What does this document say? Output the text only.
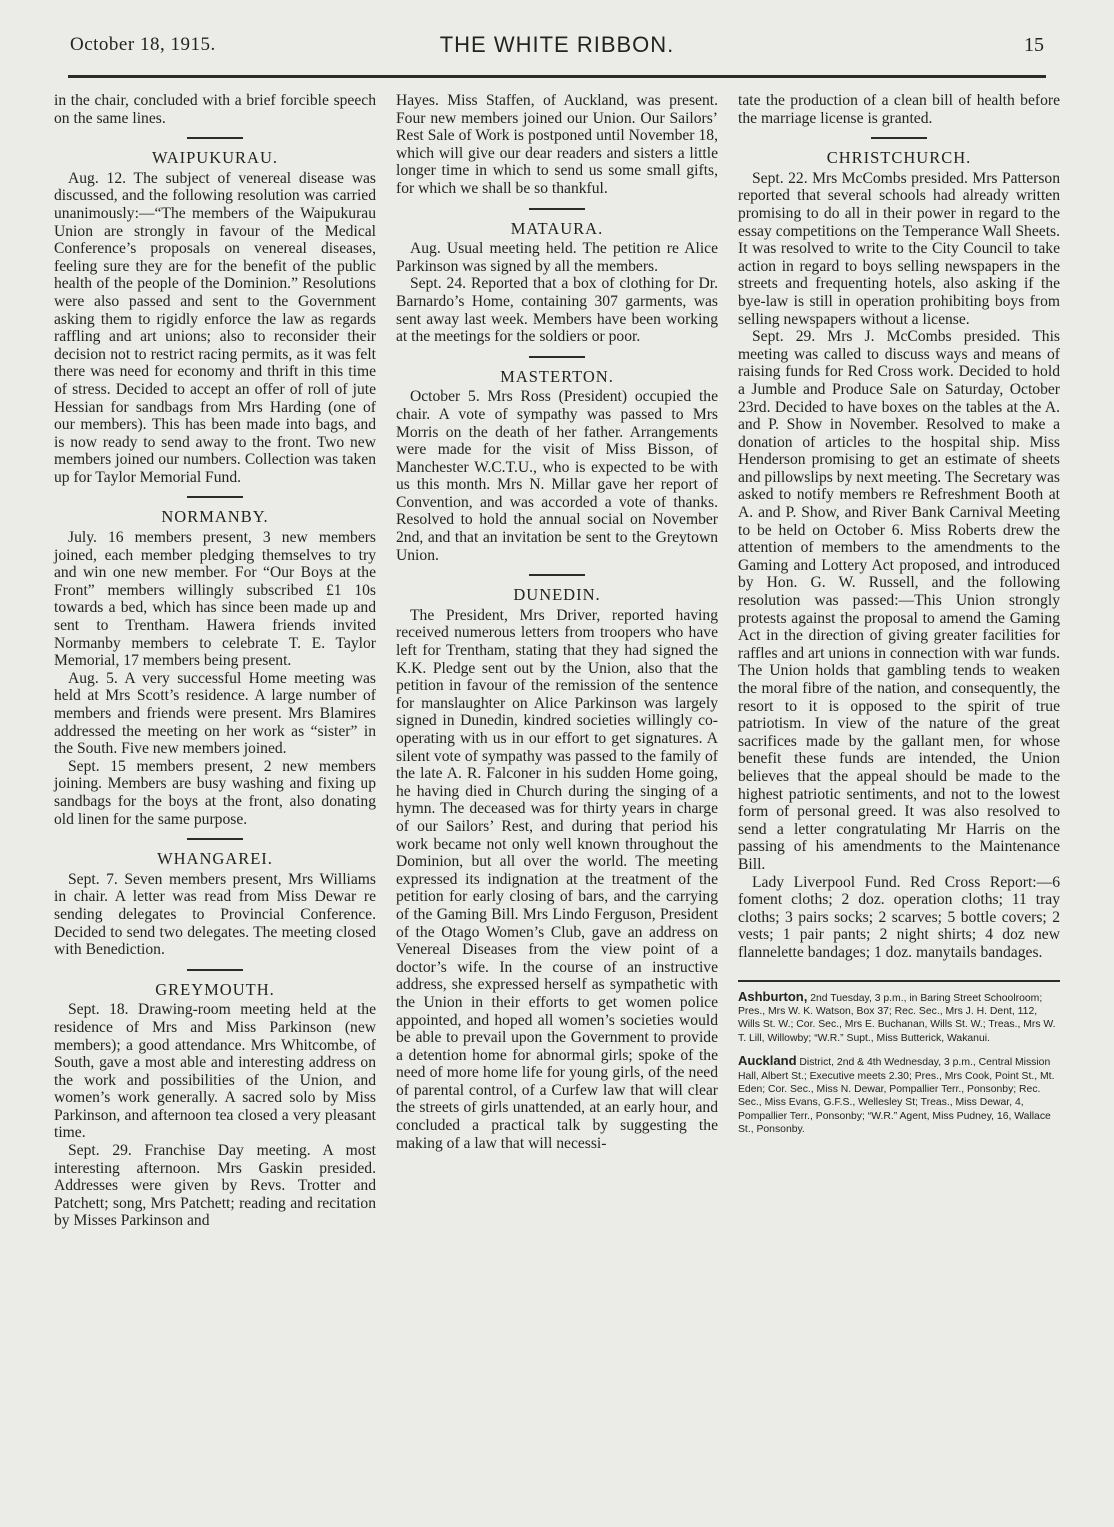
October 18, 1915.	THE WHITE RIBBON.	15

in the chair, concluded with a brief forcible speech on the same lines.

WAIPUKURAU.

Aug. 12. The subject of venereal disease was discussed, and the following resolution was carried unanimously:—“The members of the Waipukurau Union are strongly in favour of the Medical Conference’s proposals on venereal diseases, feeling sure they are for the benefit of the public health of the people of the Dominion.” Resolutions were also passed and sent to the Government asking them to rigidly enforce the law as regards raffling and art unions; also to reconsider their decision not to restrict racing permits, as it was felt there was need for economy and thrift in this time of stress. Decided to accept an offer of roll of jute Hessian for sandbags from Mrs Harding (one of our members). This has been made into bags, and is now ready to send away to the front. Two new members joined our numbers. Collection was taken up for Taylor Memorial Fund.

NORMANBY.

July. 16 members present, 3 new members joined, each member pledging themselves to try and win one new member. For “Our Boys at the Front” members willingly subscribed £1 10s towards a bed, which has since been made up and sent to Trentham. Hawera friends invited Normanby members to celebrate T. E. Taylor Memorial, 17 members being present.

Aug. 5. A very successful Home meeting was held at Mrs Scott’s residence. A large number of members and friends were present. Mrs Blamires addressed the meeting on her work as “sister” in the South. Five new members joined.

Sept. 15 members present, 2 new members joining. Members are busy washing and fixing up sandbags for the boys at the front, also donating old linen for the same purpose.

WHANGAREI.

Sept. 7. Seven members present, Mrs Williams in chair. A letter was read from Miss Dewar re sending delegates to Provincial Conference. Decided to send two delegates. The meeting closed with Benediction.

GREYMOUTH.

Sept. 18. Drawing-room meeting held at the residence of Mrs and Miss Parkinson (new members); a good attendance. Mrs Whitcombe, of South, gave a most able and interesting address on the work and possibilities of the Union, and women’s work generally. A sacred solo by Miss Parkinson, and afternoon tea closed a very pleasant time.

Sept. 29. Franchise Day meeting. A most interesting afternoon. Mrs Gaskin presided. Addresses were given by Revs. Trotter and Patchett; song, Mrs Patchett; reading and recitation by Misses Parkinson and

Hayes. Miss Staffen, of Auckland, was present. Four new members joined our Union. Our Sailors’ Rest Sale of Work is postponed until November 18, which will give our dear readers and sisters a little longer time in which to send us some small gifts, for which we shall be so thankful.

MATAURA.

Aug. Usual meeting held. The petition re Alice Parkinson was signed by all the members.

Sept. 24. Reported that a box of clothing for Dr. Barnardo’s Home, containing 307 garments, was sent away last week. Members have been working at the meetings for the soldiers or poor.

MASTERTON.

October 5. Mrs Ross (President) occupied the chair. A vote of sympathy was passed to Mrs Morris on the death of her father. Arrangements were made for the visit of Miss Bisson, of Manchester W.C.T.U., who is expected to be with us this month. Mrs N. Millar gave her report of Convention, and was accorded a vote of thanks. Resolved to hold the annual social on November 2nd, and that an invitation be sent to the Greytown Union.

DUNEDIN.

The President, Mrs Driver, reported having received numerous letters from troopers who have left for Trentham, stating that they had signed the K.K. Pledge sent out by the Union, also that the petition in favour of the remission of the sentence for manslaughter on Alice Parkinson was largely signed in Dunedin, kindred societies willingly co-operating with us in our effort to get signatures. A silent vote of sympathy was passed to the family of the late A. R. Falconer in his sudden Home going, he having died in Church during the singing of a hymn. The deceased was for thirty years in charge of our Sailors’ Rest, and during that period his work became not only well known throughout the Dominion, but all over the world. The meeting expressed its indignation at the treatment of the petition for early closing of bars, and the carrying of the Gaming Bill. Mrs Lindo Ferguson, President of the Otago Women’s Club, gave an address on Venereal Diseases from the view point of a doctor’s wife. In the course of an instructive address, she expressed herself as sympathetic with the Union in their efforts to get women police appointed, and hoped all women’s societies would be able to prevail upon the Government to provide a detention home for abnormal girls; spoke of the need of more home life for young girls, of the need of parental control, of a Curfew law that will clear the streets of girls unattended, at an early hour, and concluded a practical talk by suggesting the making of a law that will necessi-

tate the production of a clean bill of health before the marriage license is granted.

CHRISTCHURCH.

Sept. 22. Mrs McCombs presided. Mrs Patterson reported that several schools had already written promising to do all in their power in regard to the essay competitions on the Temperance Wall Sheets. It was resolved to write to the City Council to take action in regard to boys selling newspapers in the streets and frequenting hotels, also asking if the bye-law is still in operation prohibiting boys from selling newspapers without a license.

Sept. 29. Mrs J. McCombs presided. This meeting was called to discuss ways and means of raising funds for Red Cross work. Decided to hold a Jumble and Produce Sale on Saturday, October 23rd. Decided to have boxes on the tables at the A. and P. Show in November. Resolved to make a donation of articles to the hospital ship. Miss Henderson promising to get an estimate of sheets and pillowslips by next meeting. The Secretary was asked to notify members re Refreshment Booth at A. and P. Show, and River Bank Carnival Meeting to be held on October 6. Miss Roberts drew the attention of members to the amendments to the Gaming and Lottery Act proposed, and introduced by Hon. G. W. Russell, and the following resolution was passed:—This Union strongly protests against the proposal to amend the Gaming Act in the direction of giving greater facilities for raffles and art unions in connection with war funds. The Union holds that gambling tends to weaken the moral fibre of the nation, and consequently, the resort to it is opposed to the spirit of true patriotism. In view of the nature of the great sacrifices made by the gallant men, for whose benefit these funds are intended, the Union believes that the appeal should be made to the highest patriotic sentiments, and not to the lowest form of personal greed. It was also resolved to send a letter congratulating Mr Harris on the passing of his amendments to the Maintenance Bill.

Lady Liverpool Fund. Red Cross Report:—6 foment cloths; 2 doz. operation cloths; 11 tray cloths; 3 pairs socks; 2 scarves; 5 bottle covers; 2 vests; 1 pair pants; 2 night shirts; 4 doz new flannelette bandages; 1 doz. manytails bandages.

Ashburton, 2nd Tuesday, 3 p.m., in Baring Street Schoolroom; Pres., Mrs W. K. Watson, Box 37; Rec. Sec., Mrs J. H. Dent, 112, Wills St. W.; Cor. Sec., Mrs E. Buchanan, Wills St. W.; Treas., Mrs W. T. Lill, Willowby; “W.R.” Supt., Miss Butterick, Wakanui.

Auckland District, 2nd & 4th Wednesday, 3 p.m., Central Mission Hall, Albert St.; Executive meets 2.30; Pres., Mrs Cook, Point St., Mt. Eden; Cor. Sec., Miss N. Dewar, Pompallier Terr., Ponsonby; Rec. Sec., Miss Evans, G.F.S., Wellesley St; Treas., Miss Dewar, 4, Pompallier Terr., Ponsonby; “W.R.” Agent, Miss Pudney, 16, Wallace St., Ponsonby.
